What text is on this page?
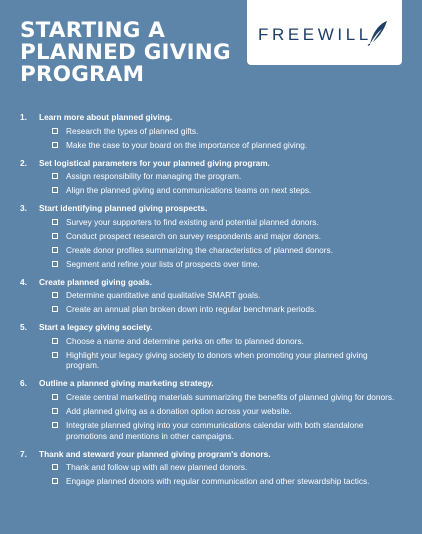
STARTING A
PLANNED GIVING
PROGRAM
FREEWILL
1.	Learn more about planned giving.
Research the types of planned gifts.
Make the case to your board on the importance of planned giving.
2.	Set logistical parameters for your planned giving program.
Assign responsibility for managing the program.
Align the planned giving and communications teams on next steps.
3.	Start identifying planned giving prospects.
Survey your supporters to find existing and potential planned donors.
Conduct prospect research on survey respondents and major donors.
Create donor profiles summarizing the characteristics of planned donors.
Segment and refine your lists of prospects over time.
4.	Create planned giving goals.
Determine quantitative and qualitative SMART goals.
Create an annual plan broken down into regular benchmark periods.
5.	Start a legacy giving society.
Choose a name and determine perks on offer to planned donors.
Highlight your legacy giving society to donors when promoting your planned giving program.
6.	Outline a planned giving marketing strategy.
Create central marketing materials summarizing the benefits of planned giving for donors.
Add planned giving as a donation option across your website.
Integrate planned giving into your communications calendar with both standalone promotions and mentions in other campaigns.
7.	Thank and steward your planned giving program's donors.
Thank and follow up with all new planned donors.
Engage planned donors with regular communication and other stewardship tactics.
